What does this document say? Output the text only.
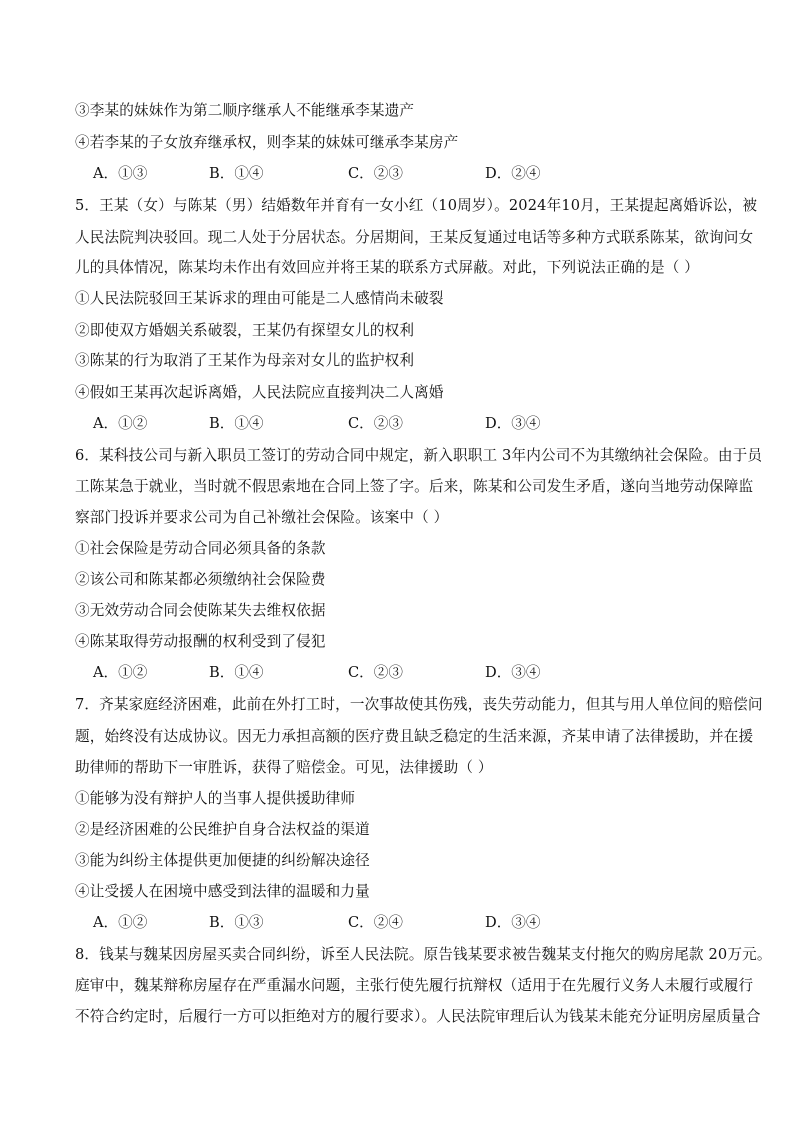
③李某的妹妹作为第二顺序继承人不能继承李某遗产
④若李某的子女放弃继承权，则李某的妹妹可继承李某房产
A．①③	B．①④	C．②③	D．②④
5．王某（女）与陈某（男）结婚数年并育有一女小红（10周岁）。2024年10月，王某提起离婚诉讼，被
人民法院判决驳回。现二人处于分居状态。分居期间，王某反复通过电话等多种方式联系陈某，欲询问女
儿的具体情况，陈某均未作出有效回应并将王某的联系方式屏蔽。对此，下列说法正确的是（ ）
①人民法院驳回王某诉求的理由可能是二人感情尚未破裂
②即使双方婚姻关系破裂，王某仍有探望女儿的权利
③陈某的行为取消了王某作为母亲对女儿的监护权利
④假如王某再次起诉离婚，人民法院应直接判决二人离婚
A．①②	B．①④	C．②③	D．③④
6．某科技公司与新入职员工签订的劳动合同中规定，新入职职工 3年内公司不为其缴纳社会保险。由于员
工陈某急于就业，当时就不假思索地在合同上签了字。后来，陈某和公司发生矛盾，遂向当地劳动保障监
察部门投诉并要求公司为自己补缴社会保险。该案中（ ）
①社会保险是劳动合同必须具备的条款
②该公司和陈某都必须缴纳社会保险费
③无效劳动合同会使陈某失去维权依据
④陈某取得劳动报酬的权利受到了侵犯
A．①②	B．①④	C．②③	D．③④
7．齐某家庭经济困难，此前在外打工时，一次事故使其伤残，丧失劳动能力，但其与用人单位间的赔偿问
题，始终没有达成协议。因无力承担高额的医疗费且缺乏稳定的生活来源，齐某申请了法律援助，并在援
助律师的帮助下一审胜诉，获得了赔偿金。可见，法律援助（ ）
①能够为没有辩护人的当事人提供援助律师
②是经济困难的公民维护自身合法权益的渠道
③能为纠纷主体提供更加便捷的纠纷解决途径
④让受援人在困境中感受到法律的温暖和力量
A．①②	B．①③	C．②④	D．③④
8．钱某与魏某因房屋买卖合同纠纷，诉至人民法院。原告钱某要求被告魏某支付拖欠的购房尾款 20万元。
庭审中，魏某辩称房屋存在严重漏水问题，主张行使先履行抗辩权（适用于在先履行义务人未履行或履行
不符合约定时，后履行一方可以拒绝对方的履行要求）。人民法院审理后认为钱某未能充分证明房屋质量合
